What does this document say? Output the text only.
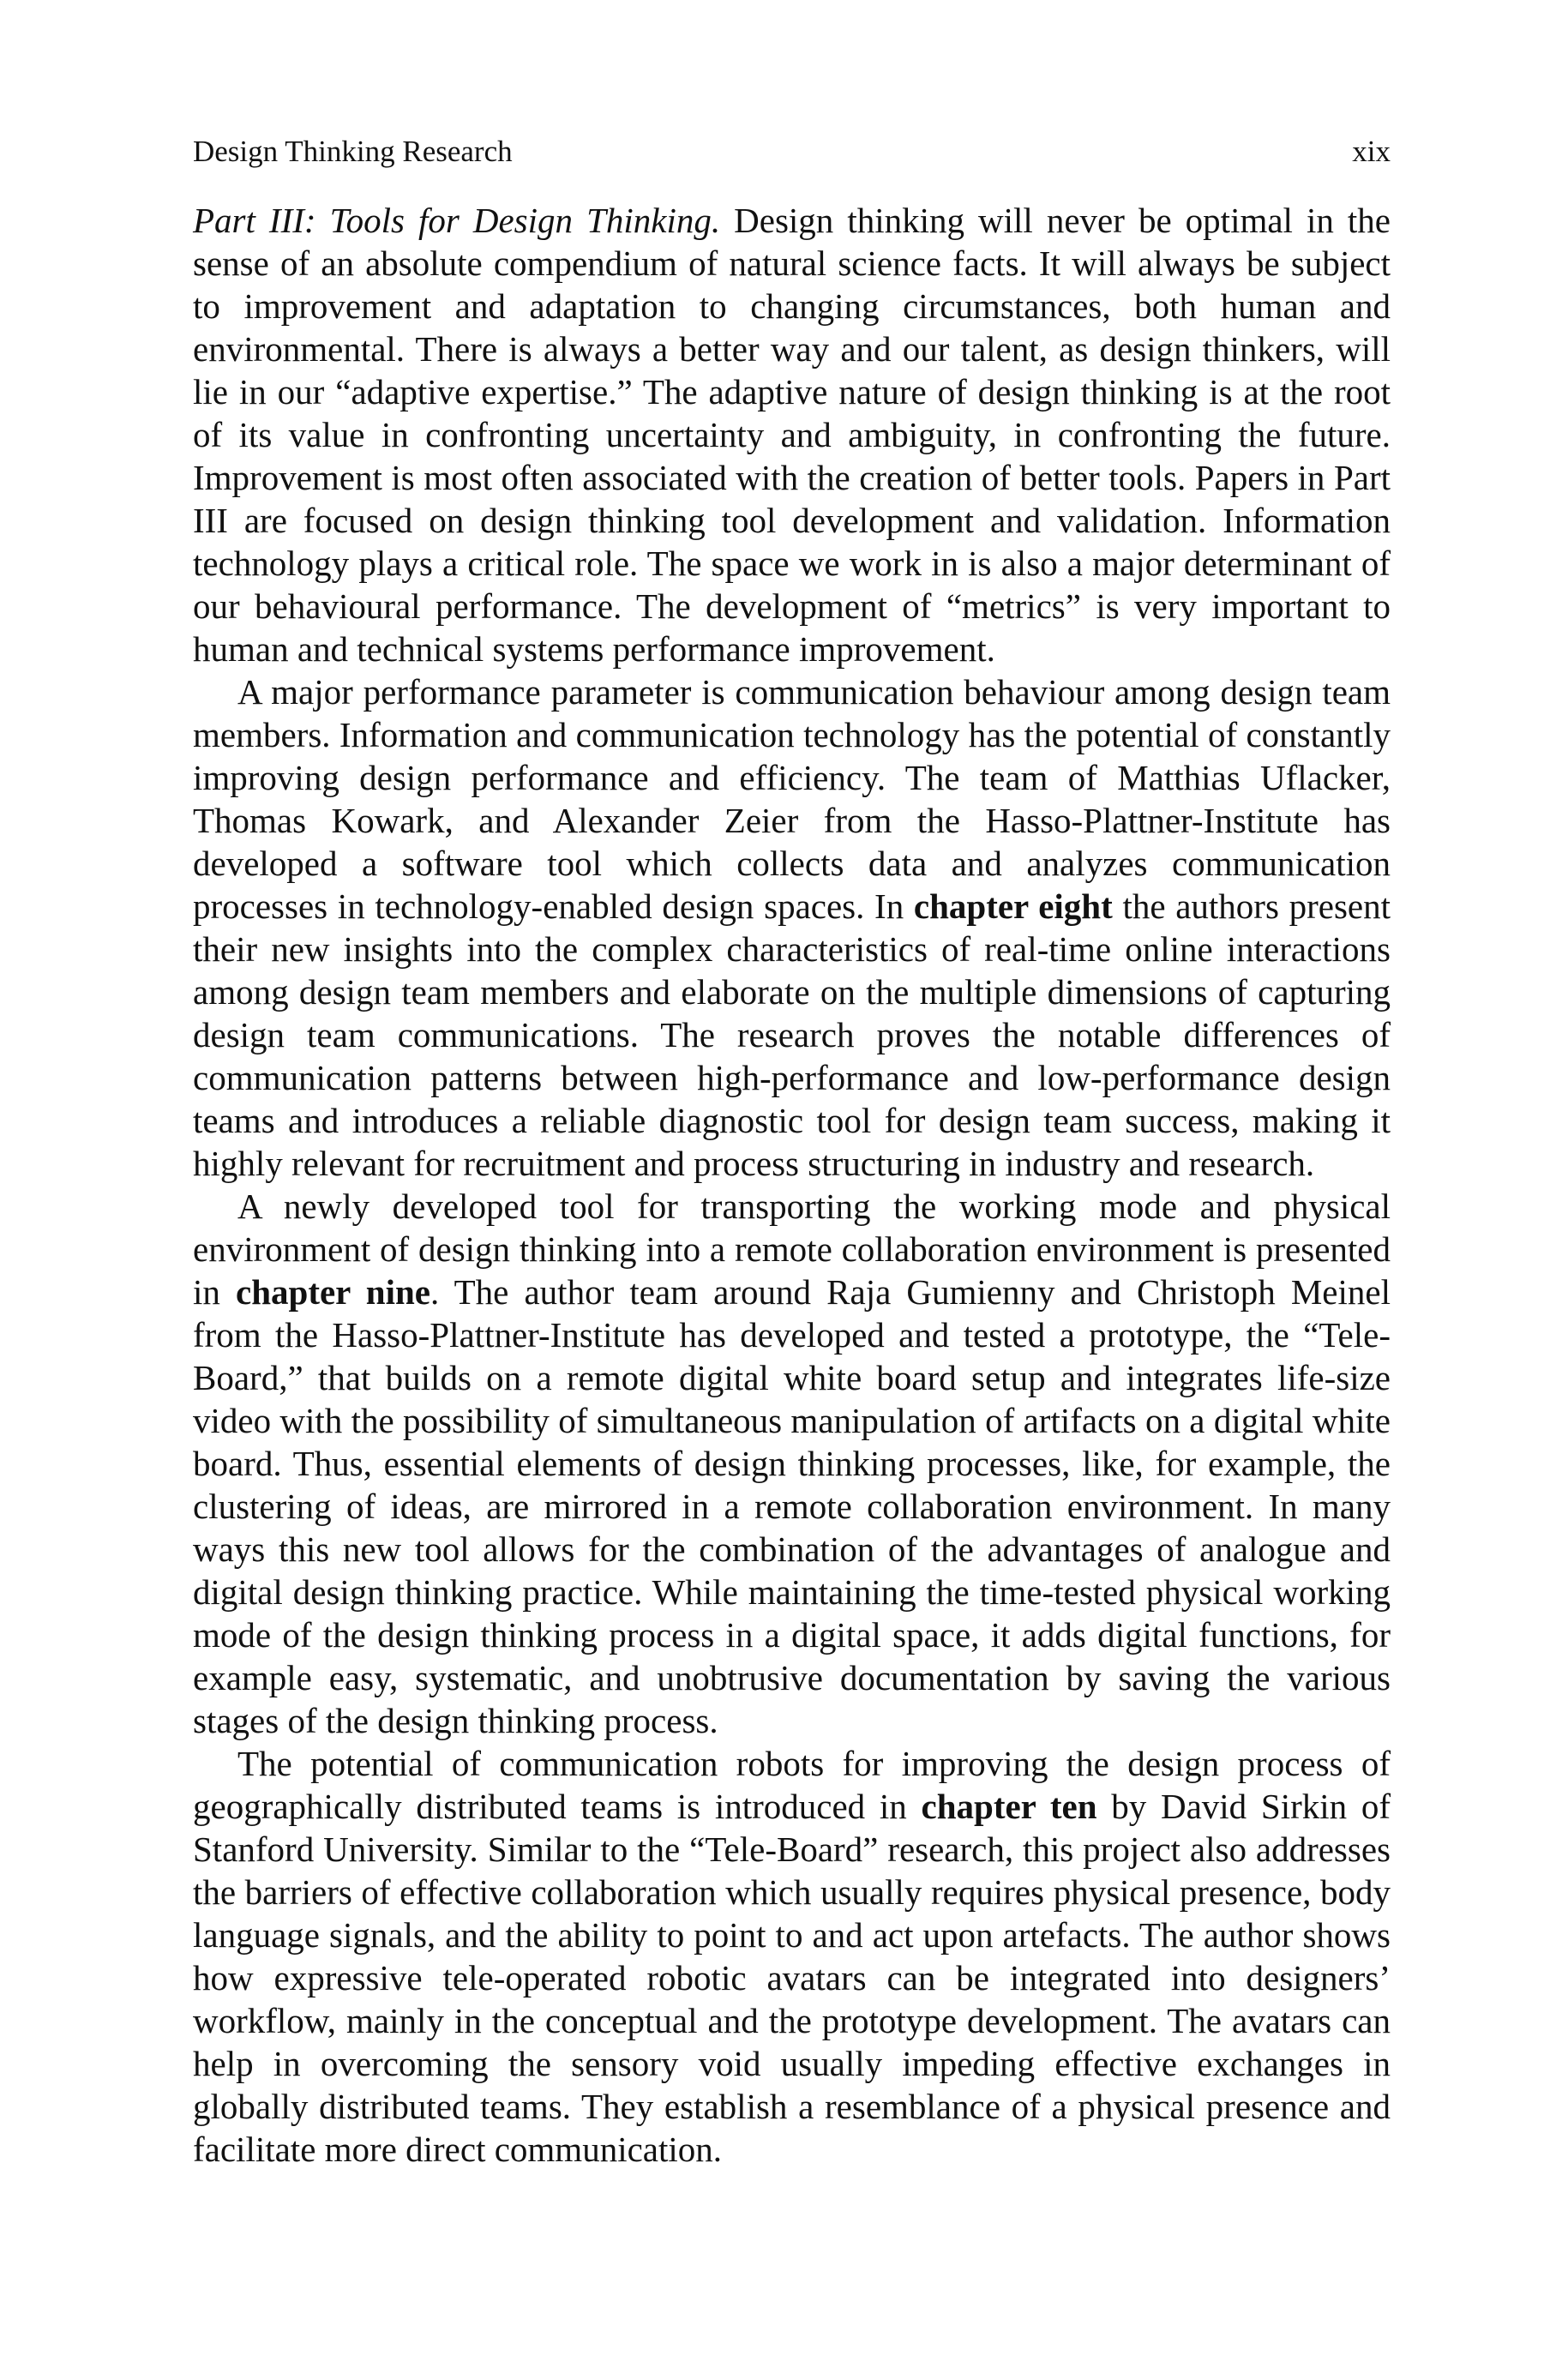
Design Thinking Research	xix

Part III: Tools for Design Thinking. Design thinking will never be optimal in the sense of an absolute compendium of natural science facts. It will always be subject to improvement and adaptation to changing circumstances, both human and environmental. There is always a better way and our talent, as design thinkers, will lie in our “adaptive expertise.” The adaptive nature of design thinking is at the root of its value in confronting uncertainty and ambiguity, in confronting the future. Improvement is most often associated with the creation of better tools. Papers in Part III are focused on design thinking tool development and validation. Information technology plays a critical role. The space we work in is also a major determinant of our behavioural performance. The development of “metrics” is very important to human and technical systems performance improvement.

A major performance parameter is communication behaviour among design team members. Information and communication technology has the potential of constantly improving design performance and efficiency. The team of Matthias Uflacker, Thomas Kowark, and Alexander Zeier from the Hasso-Plattner-Institute has developed a software tool which collects data and analyzes communication processes in technology-enabled design spaces. In chapter eight the authors present their new insights into the complex characteristics of real-time online interactions among design team members and elaborate on the multiple dimensions of capturing design team communications. The research proves the notable differences of communication patterns between high-performance and low-performance design teams and introduces a reliable diagnostic tool for design team success, making it highly relevant for recruitment and process structuring in industry and research.

A newly developed tool for transporting the working mode and physical environment of design thinking into a remote collaboration environment is presented in chapter nine. The author team around Raja Gumienny and Christoph Meinel from the Hasso-Plattner-Institute has developed and tested a prototype, the “Tele-Board,” that builds on a remote digital white board setup and integrates life-size video with the possibility of simultaneous manipulation of artifacts on a digital white board. Thus, essential elements of design thinking processes, like, for example, the clustering of ideas, are mirrored in a remote collaboration environment. In many ways this new tool allows for the combination of the advantages of analogue and digital design thinking practice. While maintaining the time-tested physical working mode of the design thinking process in a digital space, it adds digital functions, for example easy, systematic, and unobtrusive documentation by saving the various stages of the design thinking process.

The potential of communication robots for improving the design process of geographically distributed teams is introduced in chapter ten by David Sirkin of Stanford University. Similar to the “Tele-Board” research, this project also addresses the barriers of effective collaboration which usually requires physical presence, body language signals, and the ability to point to and act upon artefacts. The author shows how expressive tele-operated robotic avatars can be integrated into designers’ workflow, mainly in the conceptual and the prototype development. The avatars can help in overcoming the sensory void usually impeding effective exchanges in globally distributed teams. They establish a resemblance of a physical presence and facilitate more direct communication.
